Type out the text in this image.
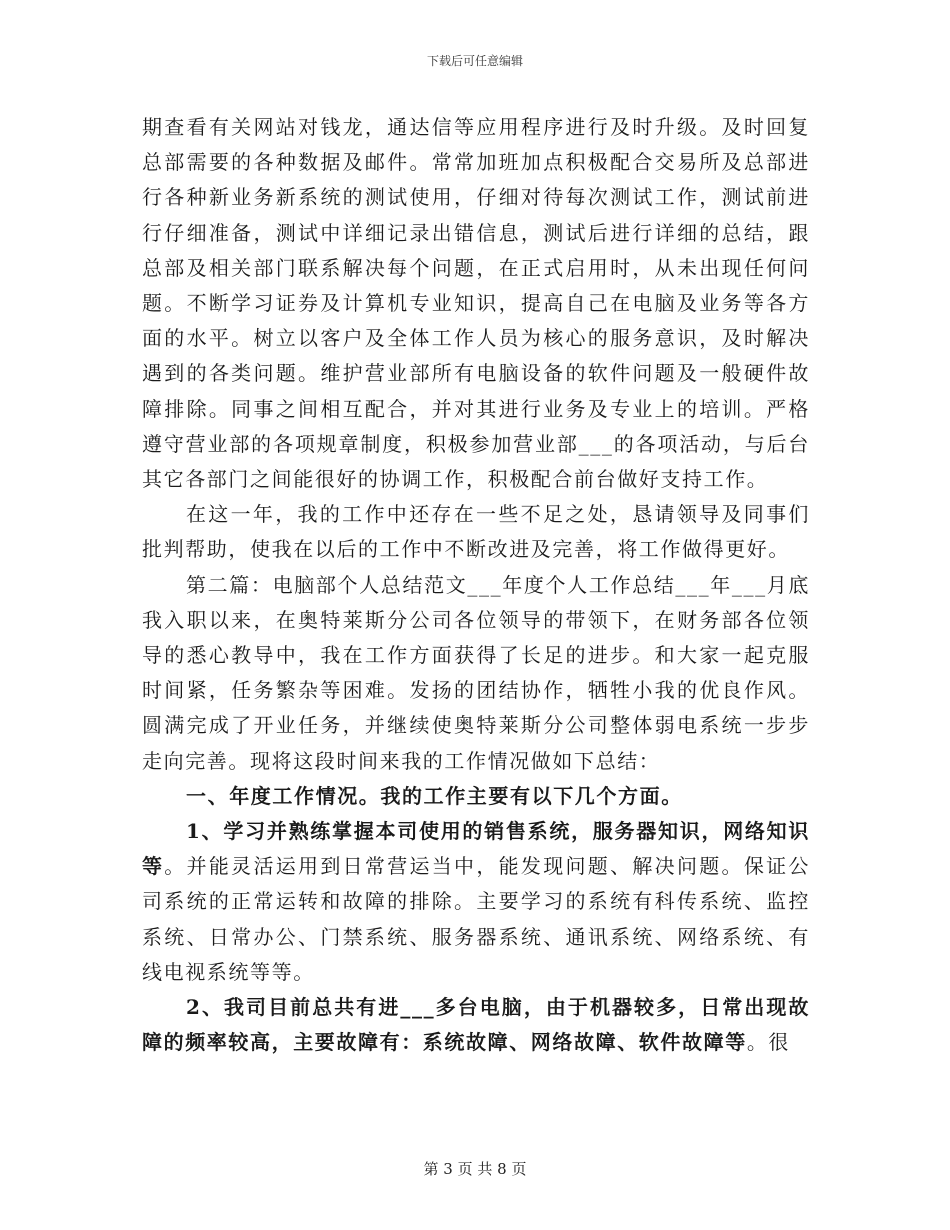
下载后可任意编辑

期查看有关网站对钱龙，通达信等应用程序进行及时升级。及时回复总部需要的各种数据及邮件。常常加班加点积极配合交易所及总部进行各种新业务新系统的测试使用，仔细对待每次测试工作，测试前进行仔细准备，测试中详细记录出错信息，测试后进行详细的总结，跟总部及相关部门联系解决每个问题，在正式启用时，从未出现任何问题。不断学习证券及计算机专业知识，提高自己在电脑及业务等各方面的水平。树立以客户及全体工作人员为核心的服务意识，及时解决遇到的各类问题。维护营业部所有电脑设备的软件问题及一般硬件故障排除。同事之间相互配合，并对其进行业务及专业上的培训。严格遵守营业部的各项规章制度，积极参加营业部___的各项活动，与后台其它各部门之间能很好的协调工作，积极配合前台做好支持工作。

在这一年，我的工作中还存在一些不足之处，恳请领导及同事们批判帮助，使我在以后的工作中不断改进及完善，将工作做得更好。

第二篇：电脑部个人总结范文___年度个人工作总结___年___月底我入职以来，在奥特莱斯分公司各位领导的带领下，在财务部各位领导的悉心教导中，我在工作方面获得了长足的进步。和大家一起克服时间紧，任务繁杂等困难。发扬的团结协作，牺牲小我的优良作风。圆满完成了开业任务，并继续使奥特莱斯分公司整体弱电系统一步步走向完善。现将这段时间来我的工作情况做如下总结：

一、年度工作情况。我的工作主要有以下几个方面。

1、学习并熟练掌握本司使用的销售系统，服务器知识，网络知识等。并能灵活运用到日常营运当中，能发现问题、解决问题。保证公司系统的正常运转和故障的排除。主要学习的系统有科传系统、监控系统、日常办公、门禁系统、服务器系统、通讯系统、网络系统、有线电视系统等等。

2、我司目前总共有进___多台电脑，由于机器较多，日常出现故障的频率较高，主要故障有：系统故障、网络故障、软件故障等。很

第 3 页 共 8 页
